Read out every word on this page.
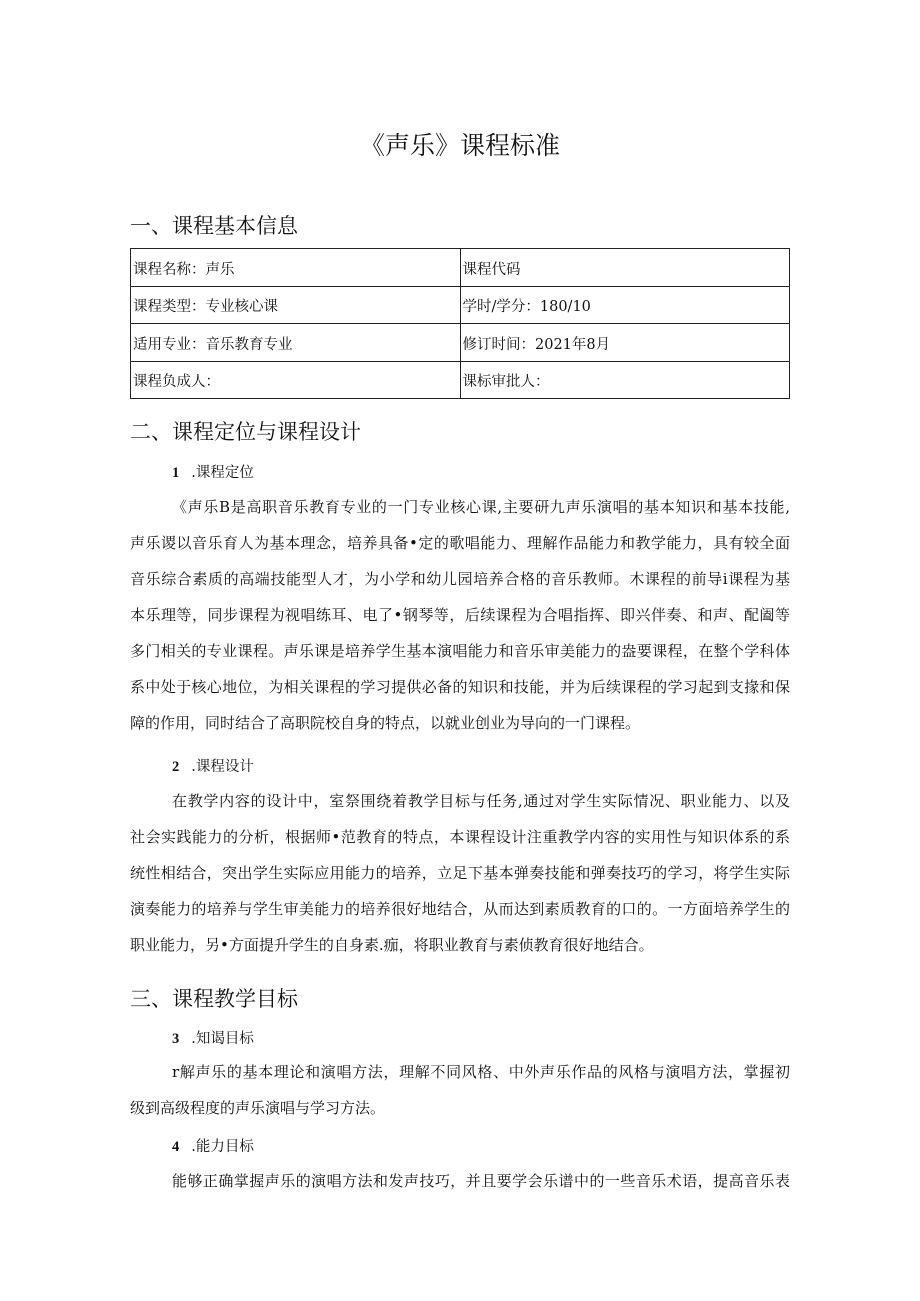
《声乐》课程标准
一、课程基本信息
课程名称：声乐	课程代码
课程类型：专业核心课	学时/学分：180/10
适用专业：音乐教育专业	修订时间：2021年8月
课程负成人：	课标审批人：
二、课程定位与课程设计
1 .课程定位
《声乐B是高职音乐教育专业的一门专业核心课,主要研九声乐演唱的基本知识和基本技能,
声乐谡以音乐育人为基本理念，培养具备•定的歌唱能力、理解作品能力和教学能力，具有较全面
音乐综合素质的高端技能型人才，为小学和幼儿园培养合格的音乐教师。木课程的前导i课程为基
本乐理等，同步课程为视唱练耳、电了•钢琴等，后续课程为合唱指挥、即兴伴奏、和声、配阖等
多门相关的专业课程。声乐课是培养学生基本演唱能力和音乐审美能力的盎要课程，在整个学科体
系中处于核心地位，为相关课程的学习提供必备的知识和技能，并为后续课程的学习起到支掾和保
障的作用，同时结合了高职院校自身的特点，以就业创业为导向的一门课程。
2 .课程设计
在教学内容的设计中，室祭围绕着教学目标与任务,通过对学生实际情况、职业能力、以及
社会实践能力的分析，根据师•范教育的特点，本课程设计注重教学内容的实用性与知识体系的系
统性相结合，突出学生实际应用能力的培养，立足下基本弹奏技能和弹奏技巧的学习，将学生实际
演奏能力的培养与学生审美能力的培养很好地结合，从而达到素质教育的口的。一方面培养学生的
职业能力，另•方面提升学生的自身素.痂，将职业教育与素侦教育很好地结合。
三、课程教学目标
3 .知谒目标
r解声乐的基本理论和演唱方法，理解不同风格、中外声乐作品的风格与演唱方法，掌握初
级到高级程度的声乐演唱与学习方法。
4 .能力目标
能够正确掌握声乐的演唱方法和发声技巧，并且要学会乐谱中的一些音乐术语，提高音乐表
